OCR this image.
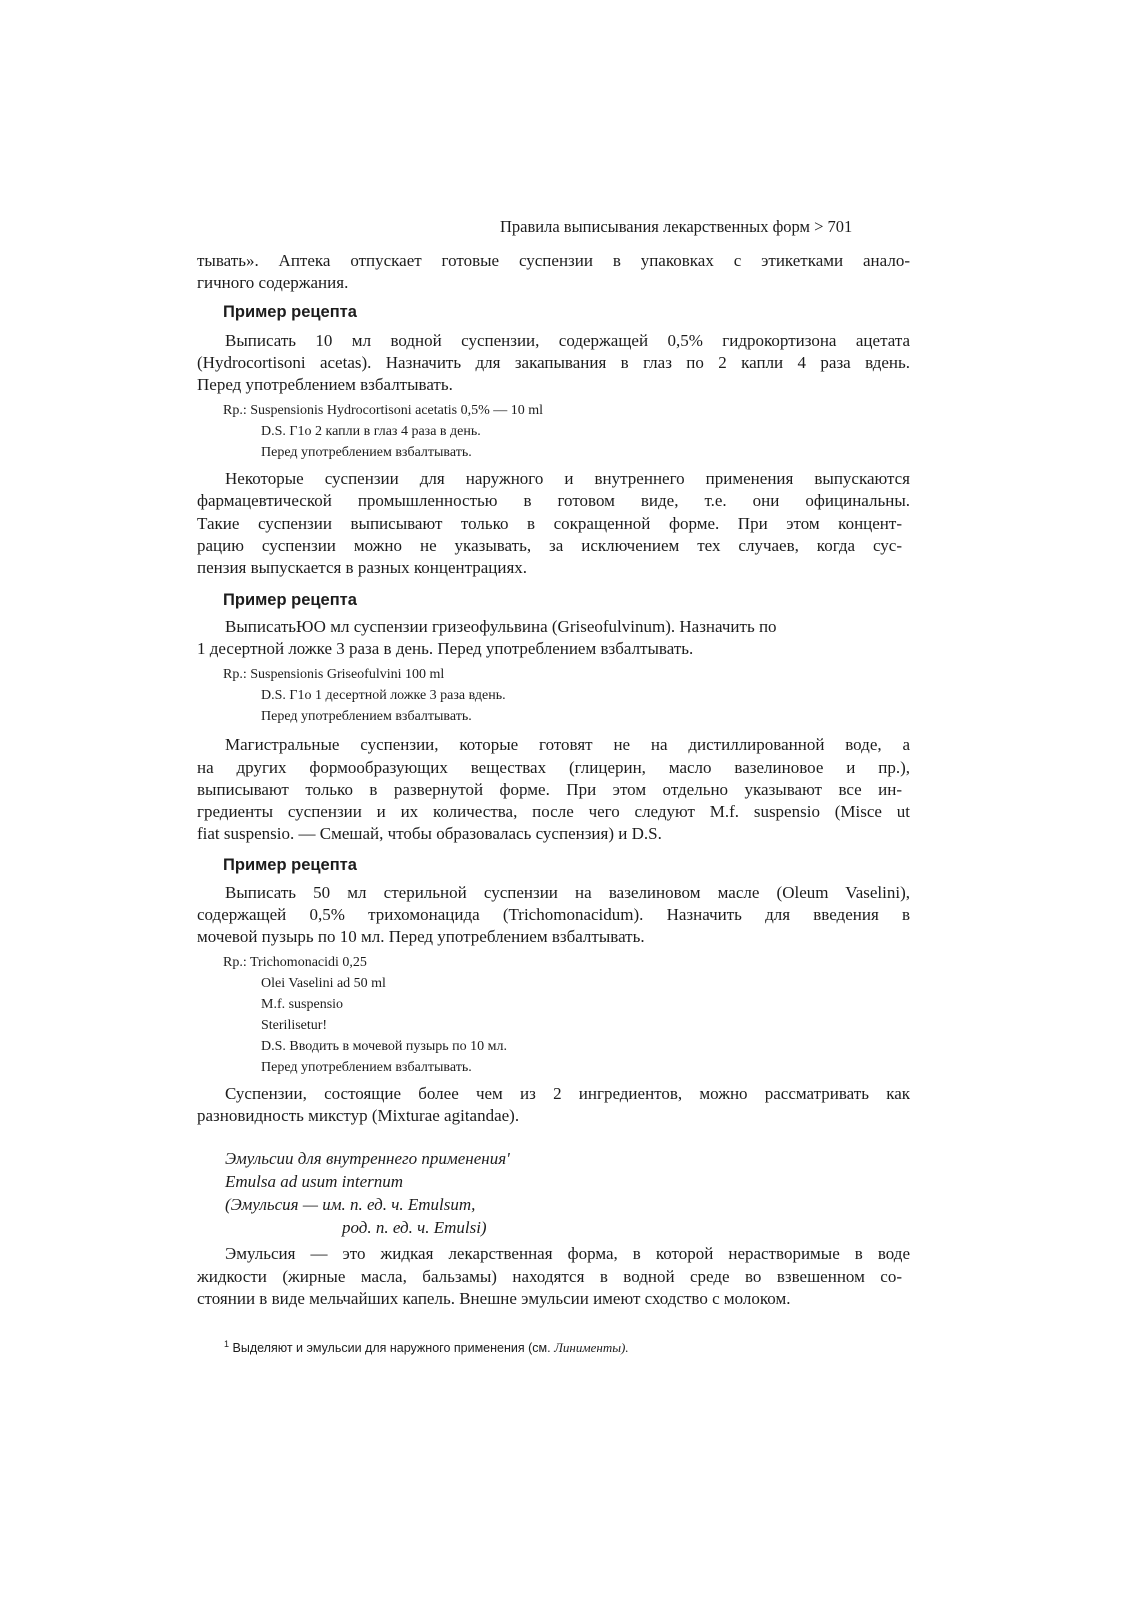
Правила выписывания лекарственных форм > 701
тывать». Аптека отпускает готовые суспензии в упаковках с этикетками анало-
гичного содержания.
Пример рецепта
Выписать 10 мл водной суспензии, содержащей 0,5% гидрокортизона ацетата
(Hydrocortisoni acetas). Назначить для закапывания в глаз по 2 капли 4 раза вдень.
Перед употреблением взбалтывать.
Rp.: Suspensionis Hydrocortisoni acetatis 0,5% — 10 ml
D.S. Г1о 2 капли в глаз 4 раза в день.
Перед употреблением взбалтывать.
Некоторые суспензии для наружного и внутреннего применения выпускаются
фармацевтической промышленностью в готовом виде, т.е. они официнальны.
Такие суспензии выписывают только в сокращенной форме. При этом концент-
рацию суспензии можно не указывать, за исключением тех случаев, когда сус-
пензия выпускается в разных концентрациях.
Пример рецепта
ВыписатьЮО мл суспензии гризеофульвина (Griseofulvinum). Назначить по
1 десертной ложке 3 раза в день. Перед употреблением взбалтывать.
Rp.: Suspensionis Griseofulvini 100 ml
D.S. Г1о 1 десертной ложке 3 раза вдень.
Перед употреблением взбалтывать.
Магистральные суспензии, которые готовят не на дистиллированной воде, а
на других формообразующих веществах (глицерин, масло вазелиновое и пр.),
выписывают только в развернутой форме. При этом отдельно указывают все ин-
гредиенты суспензии и их количества, после чего следуют M.f. suspensio (Misce ut
fiat suspensio. — Смешай, чтобы образовалась суспензия) и D.S.
Пример рецепта
Выписать 50 мл стерильной суспензии на вазелиновом масле (Oleum Vaselini),
содержащей 0,5% трихомонацида (Trichomonacidum). Назначить для введения в
мочевой пузырь по 10 мл. Перед употреблением взбалтывать.
Rp.: Trichomonacidi 0,25
Olei Vaselini ad 50 ml
M.f. suspensio
Sterilisetur!
D.S. Вводить в мочевой пузырь по 10 мл.
Перед употреблением взбалтывать.
Суспензии, состоящие более чем из 2 ингредиентов, можно рассматривать как
разновидность микстур (Mixturae agitandae).
Эмульсии для внутреннего применения'
Emulsa ad usum internum
(Эмульсия — им. п. ед. ч. Emulsum,
род. п. ед. ч. Emulsi)
Эмульсия — это жидкая лекарственная форма, в которой нерастворимые в воде
жидкости (жирные масла, бальзамы) находятся в водной среде во взвешенном со-
стоянии в виде мельчайших капель. Внешне эмульсии имеют сходство с молоком.
$^1$ Выделяют и эмульсии для наружного применения (см. Линименты).
